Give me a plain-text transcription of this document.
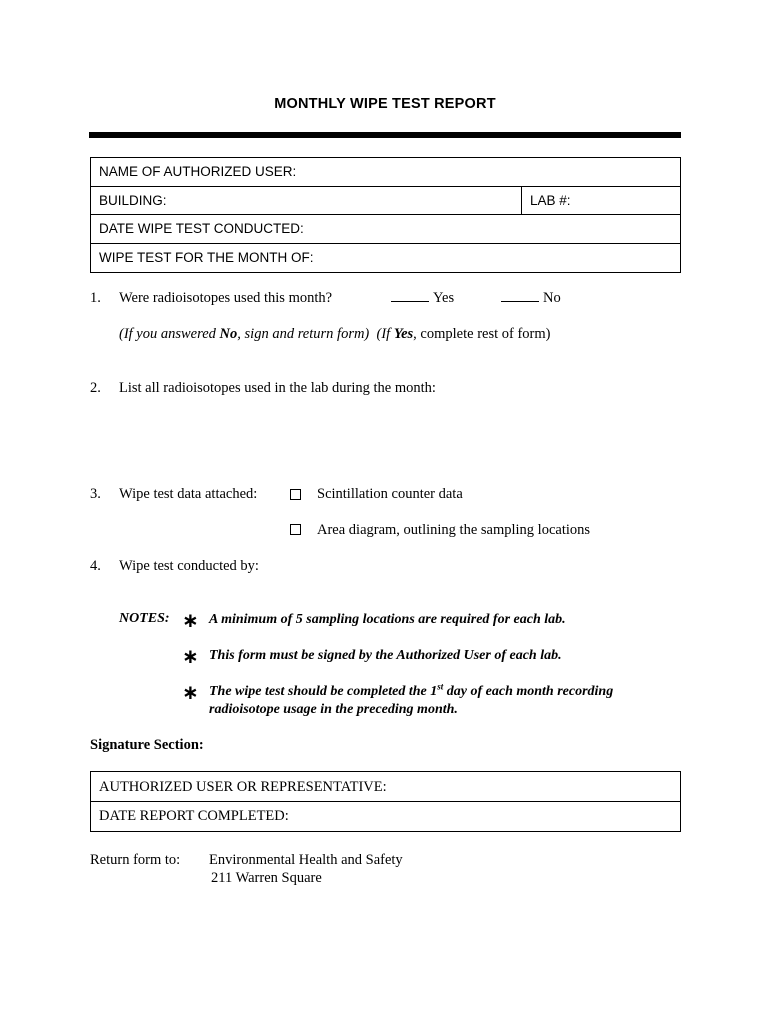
MONTHLY WIPE TEST REPORT
NAME OF AUTHORIZED USER:
BUILDING:	LAB #:
DATE WIPE TEST CONDUCTED:
WIPE TEST FOR THE MONTH OF:
1. Were radioisotopes used this month?	Yes	No
(If you answered No, sign and return form) (If Yes, complete rest of form)
2. List all radioisotopes used in the lab during the month:
3. Wipe test data attached:	Scintillation counter data
Area diagram, outlining the sampling locations
4. Wipe test conducted by:
NOTES: ∗ A minimum of 5 sampling locations are required for each lab.
∗ This form must be signed by the Authorized User of each lab.
∗ The wipe test should be completed the 1st day of each month recording
radioisotope usage in the preceding month.
Signature Section:
AUTHORIZED USER OR REPRESENTATIVE:
DATE REPORT COMPLETED:
Return form to: Environmental Health and Safety
211 Warren Square
